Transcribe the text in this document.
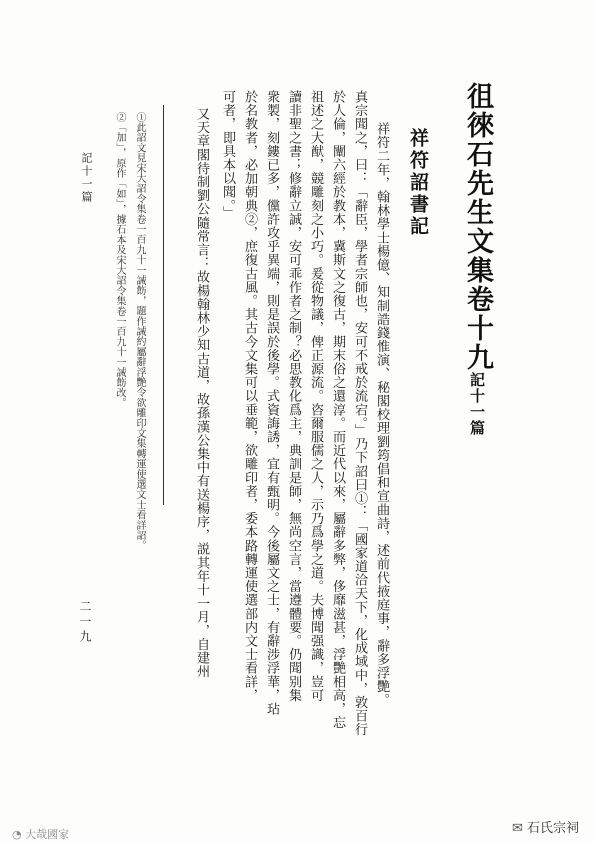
徂徠石先生文集卷十九記十一篇
祥符詔書記
祥符二年，翰林學士楊億、知制誥錢惟演、秘閣校理劉筠倡和宣曲詩，述前代掖庭事，辭多浮艷。
真宗聞之，曰：「辭臣，學者宗師也，安可不戒於流宕。」乃下詔曰①：「國家道洽天下，化成域中，敦百行
於人倫，闡六經於教本，冀斯文之復古，期末俗之還淳。而近代以來，屬辭多弊，侈靡滋甚，浮艷相高，忘
祖述之大猷，競雕刻之小巧。爰從物議，俾正源流。咨爾服儒之人，示乃爲學之道。夫博聞强識，豈可
讀非聖之書；修辭立誠，安可乖作者之制？必思教化爲主，典訓是師，無尚空言，當遵體要。仍聞别集
衆製，刻鏤已多，儻許攻乎異端，則是誤於後學。式資誨誘，宜有甄明。今後屬文之士，有辭涉浮華，玷
於名教者，必加朝典②，庶復古風。其古今文集可以垂範，欲雕印者，委本路轉運使選部内文士看詳，
可者，即具本以聞。」
又天章閣待制劉公隨常言：故楊翰林少知古道，故孫漢公集中有送楊序，説其年十一月，自建州
①此詔文見宋大詔令集卷一百九十一誡飭，題作誡約屬辭浮艷令欲雕印文集轉運使選文士看詳詔。
②「加」，原作「如」，據石本及宋大詔令集卷一百九十一誡飭改。
記十一篇
二一九
◔ 大哉國家	✉ 石氏宗祠
